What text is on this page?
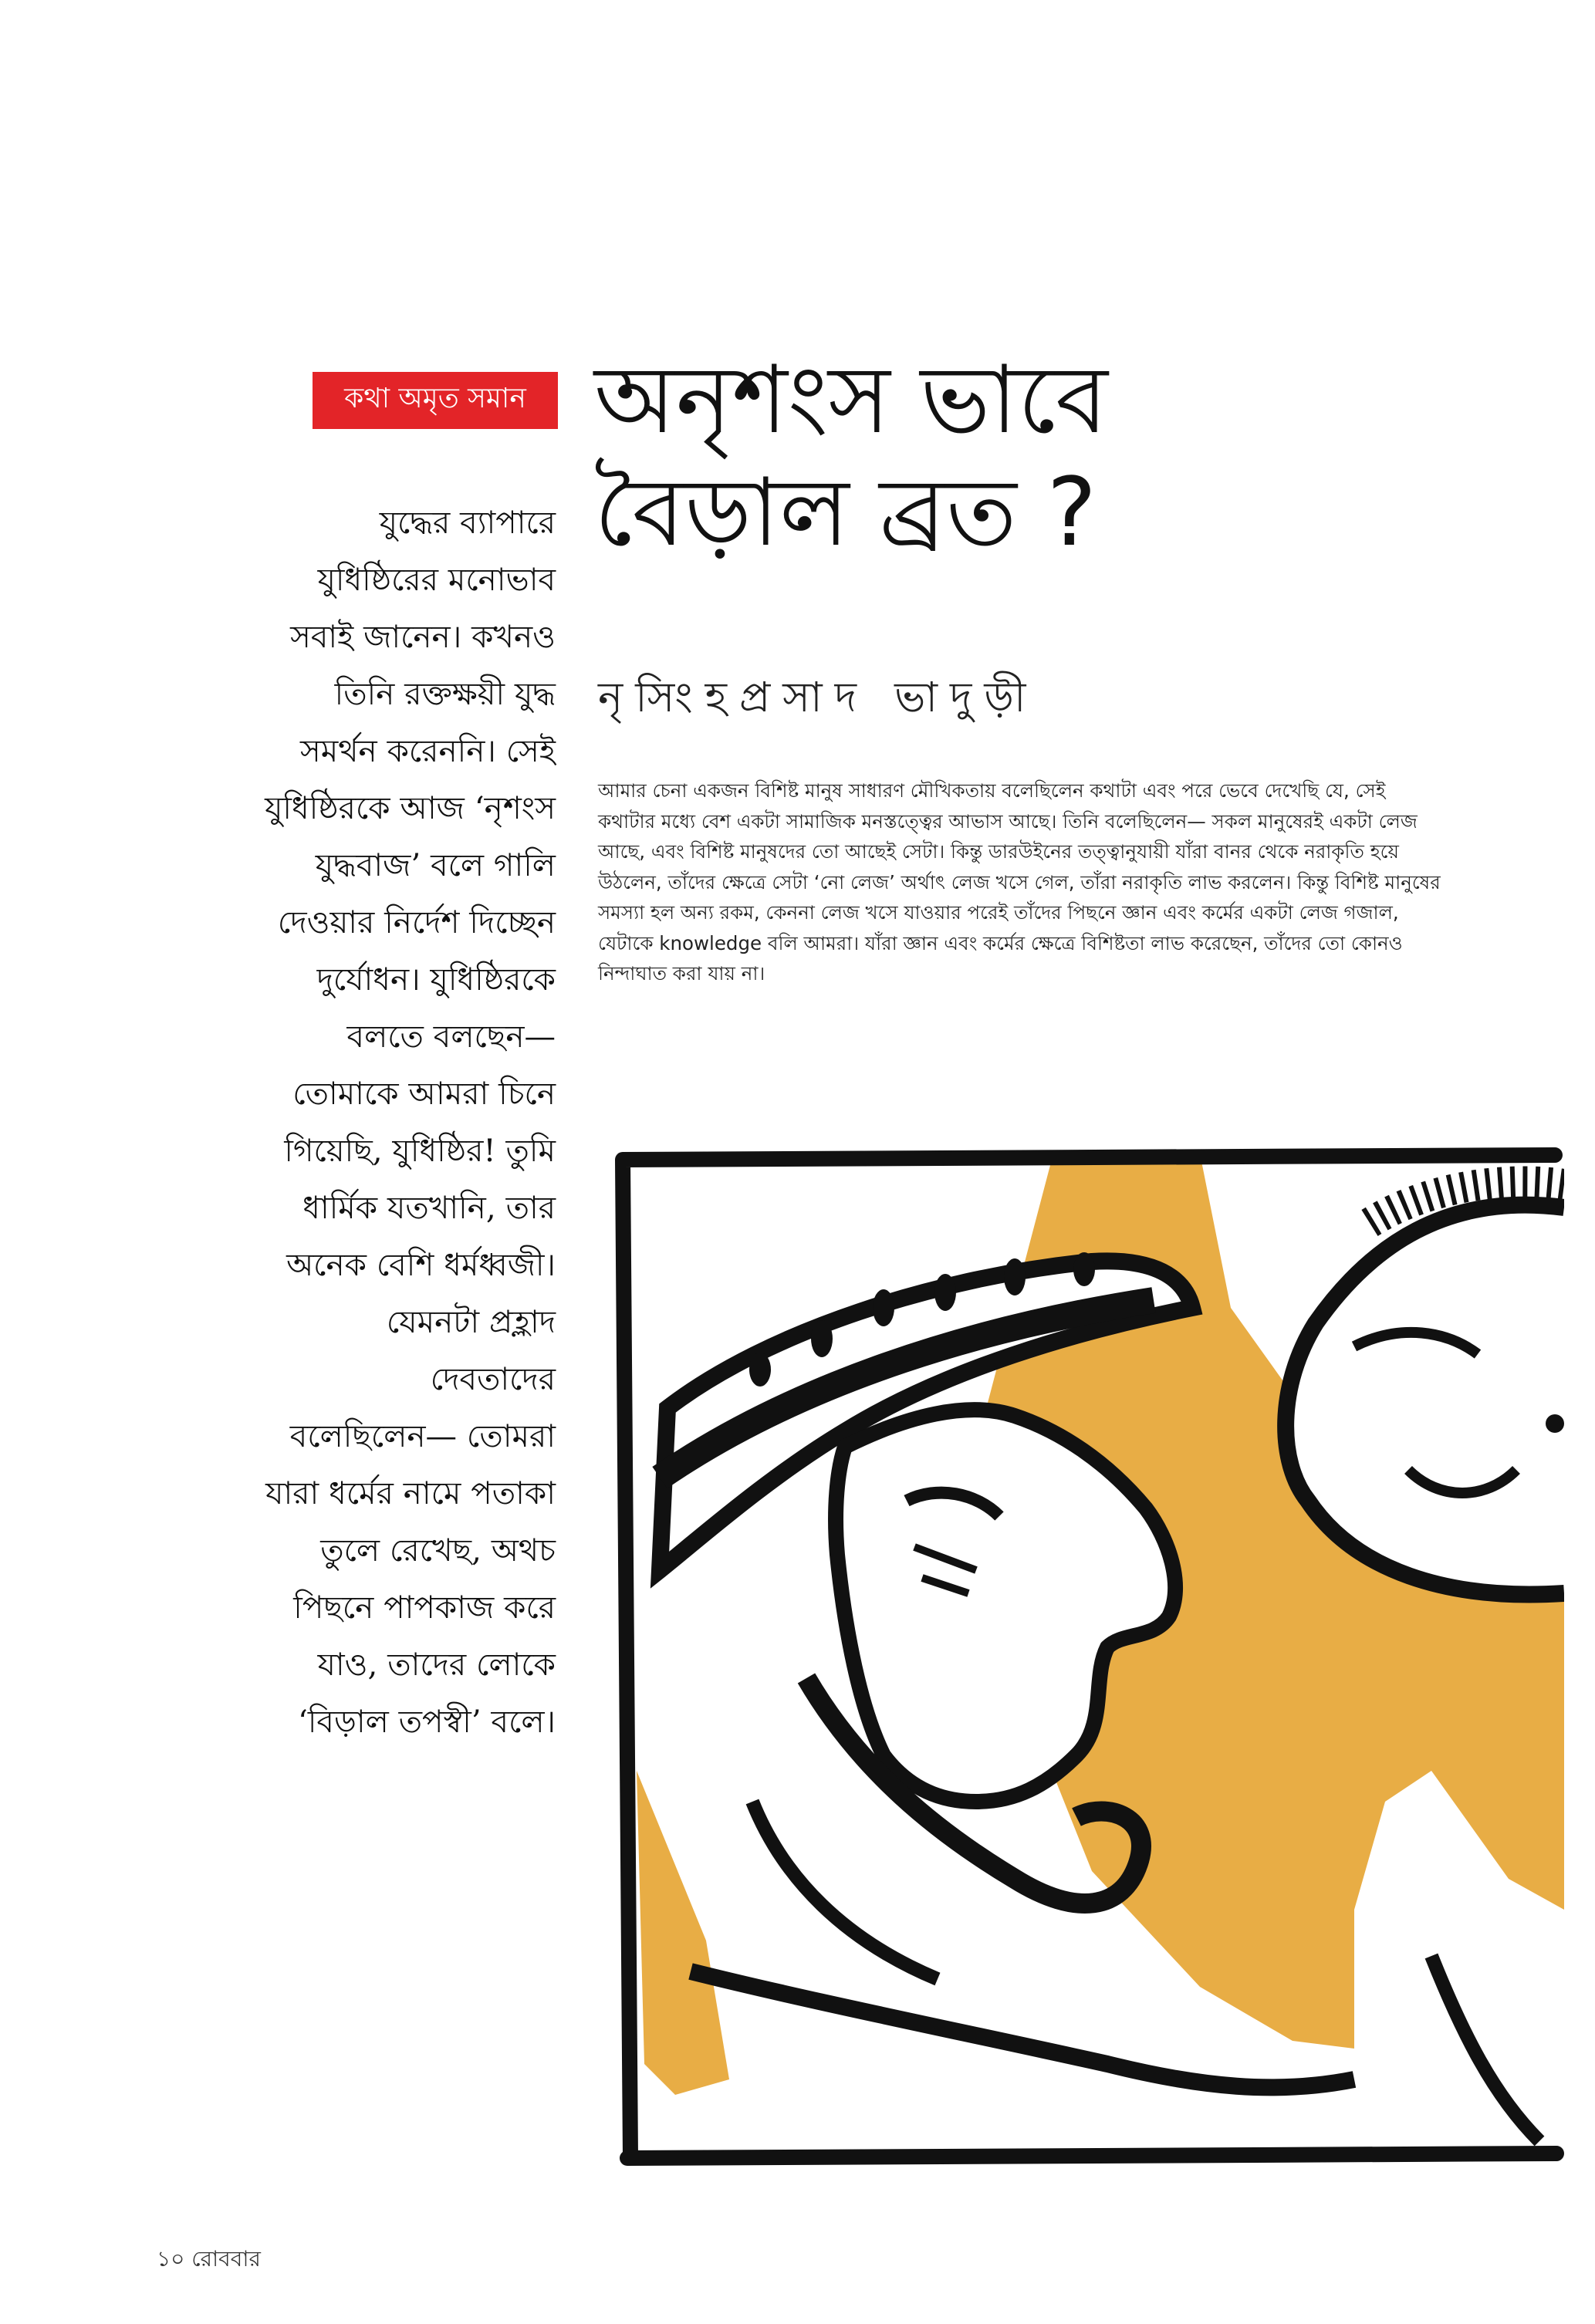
কথা অমৃত সমান অনৃশংস ভাবে
বৈড়াল ব্রত ?
নৃসিংহপ্রসাদ ভাদুড়ী

আমার চেনা একজন বিশিষ্ট মানুষ সাধারণ মৌখিকতায় বলেছিলেন কথাটা এবং পরে ভেবে দেখেছি যে, সেই কথাটার মধ্যে বেশ একটা সামাজিক মনস্তত্ত্বের আভাস আছে। তিনি বলেছিলেন— সকল মানুষেরই একটা লেজ আছে, এবং বিশিষ্ট মানুষদের তো আছেই সেটা। কিন্তু ডারউইনের তত্ত্বানুযায়ী যাঁরা বানর থেকে নরাকৃতি হয়ে উঠলেন, তাঁদের ক্ষেত্রে সেটা ‘নো লেজ’ অর্থাৎ লেজ খসে গেল, তাঁরা নরাকৃতি লাভ করলেন। কিন্তু বিশিষ্ট মানুষের সমস্যা হল অন্য রকম, কেননা লেজ খসে যাওয়ার পরেই তাঁদের পিছনে জ্ঞান এবং কর্মের একটা লেজ গজাল, যেটাকে knowledge বলি আমরা। যাঁরা জ্ঞান এবং কর্মের ক্ষেত্রে বিশিষ্টতা লাভ করেছেন, তাঁদের তো কোনও নিন্দাঘাত করা যায় না।

যুদ্ধের ব্যাপারে
যুধিষ্ঠিরের মনোভাব
সবাই জানেন। কখনও
তিনি রক্তক্ষয়ী যুদ্ধ
সমর্থন করেননি। সেই
যুধিষ্ঠিরকে আজ ‘নৃশংস
যুদ্ধবাজ’ বলে গালি
দেওয়ার নির্দেশ দিচ্ছেন
দুর্যোধন। যুধিষ্ঠিরকে
বলতে বলছেন—
তোমাকে আমরা চিনে
গিয়েছি, যুধিষ্ঠির! তুমি
ধার্মিক যতখানি, তার
অনেক বেশি ধর্মধ্বজী।
যেমনটা প্রহ্লাদ
দেবতাদের
বলেছিলেন— তোমরা
যারা ধর্মের নামে পতাকা
তুলে রেখেছ, অথচ
পিছনে পাপকাজ করে
যাও, তাদের লোকে
‘বিড়াল তপস্বী’ বলে।

১০ রোববার
